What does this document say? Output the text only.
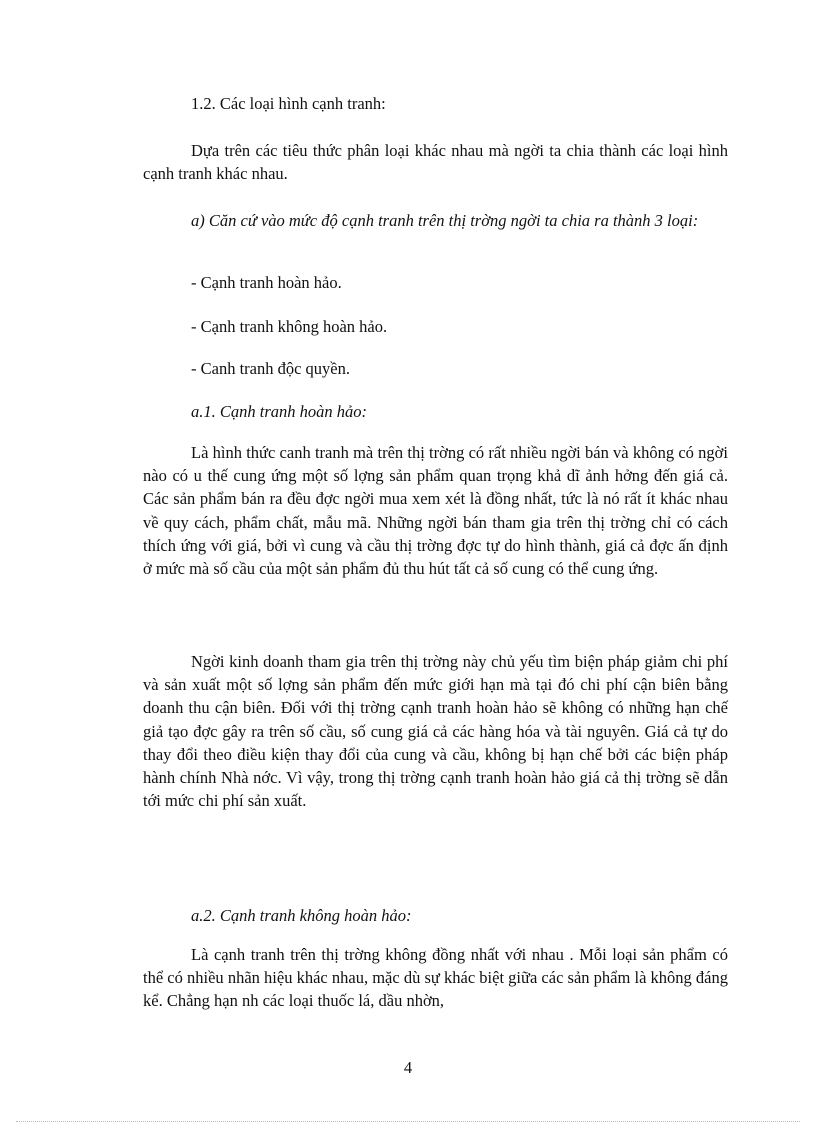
1.2. Các loại hình cạnh tranh:

Dựa trên các tiêu thức phân loại khác nhau mà ngời ta chia thành các loại hình cạnh tranh khác nhau.

a) Căn cứ vào mức độ cạnh tranh trên thị trờng ngời ta chia ra thành 3 loại:

- Cạnh tranh hoàn hảo.

- Cạnh tranh không hoàn hảo.

- Canh tranh độc quyền.

a.1. Cạnh tranh hoàn hảo:

Là hình thức canh tranh mà trên thị trờng có rất nhiều ngời bán và không có ngời nào có u thế cung ứng một số lợng sản phẩm quan trọng khả dĩ ảnh hởng đến giá cả. Các sản phẩm bán ra đều đợc ngời mua xem xét là đồng nhất, tức là nó rất ít khác nhau về quy cách, phẩm chất, mẫu mã. Những ngời bán tham gia trên thị trờng chỉ có cách thích ứng với giá, bởi vì cung và cầu thị trờng đợc tự do hình thành, giá cả đợc ấn định ở mức mà số cầu của một sản phẩm đủ thu hút tất cả số cung có thể cung ứng.

Ngời kinh doanh tham gia trên thị trờng này chủ yếu tìm biện pháp giảm chi phí và sản xuất một số lợng sản phẩm đến mức giới hạn mà tại đó chi phí cận biên bằng doanh thu cận biên. Đối với thị trờng cạnh tranh hoàn hảo sẽ không có những hạn chế giả tạo đợc gây ra trên số cầu, số cung giá cả các hàng hóa và tài nguyên. Giá cả tự do thay đổi theo điều kiện thay đổi của cung và cầu, không bị hạn chế bởi các biện pháp hành chính Nhà nớc. Vì vậy, trong thị trờng cạnh tranh hoàn hảo giá cả thị trờng sẽ dẫn tới mức chi phí sản xuất.

a.2. Cạnh tranh không hoàn hảo:

Là cạnh tranh trên thị trờng không đồng nhất với nhau . Mỗi loại sản phẩm có thể có nhiều nhãn hiệu khác nhau, mặc dù sự khác biệt giữa các sản phẩm là không đáng kể. Chẳng hạn nh các loại thuốc lá, dầu nhờn,

4
